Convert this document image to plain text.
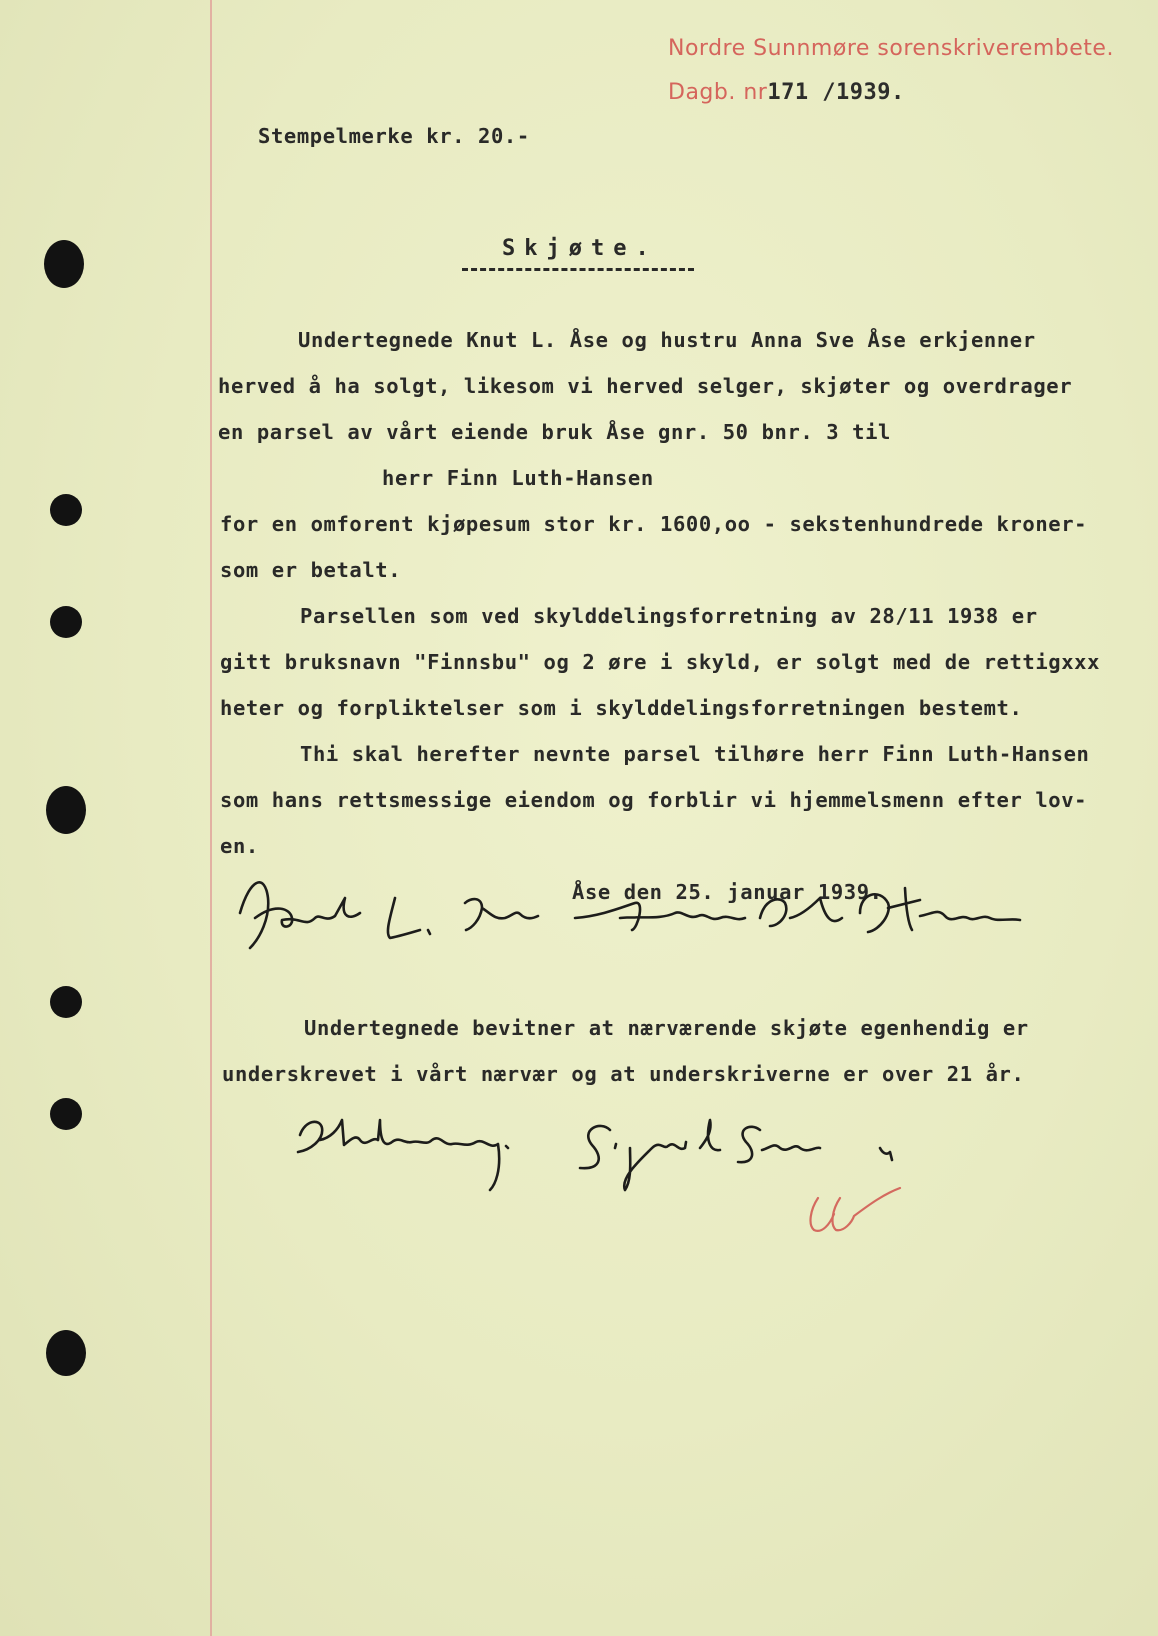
Nordre Sunnmøre sorenskriverembete.
Dagb. nr171 /1939.
Stempelmerke kr. 20.-
Skjøte.
Undertegnede Knut L. Åse og hustru Anna Sve Åse erkjenner
herved å ha solgt, likesom vi herved selger, skjøter og overdrager
en parsel av vårt eiende bruk Åse gnr. 50 bnr. 3 til
herr Finn Luth-Hansen
for en omforent kjøpesum stor kr. 1600,oo - sekstenhundrede kroner-
som er betalt.
Parsellen som ved skylddelingsforretning av 28/11 1938 er
gitt bruksnavn "Finnsbu" og 2 øre i skyld, er solgt med de rettigxxx
heter og forpliktelser som i skylddelingsforretningen bestemt.
Thi skal herefter nevnte parsel tilhøre herr Finn Luth-Hansen
som hans rettsmessige eiendom og forblir vi hjemmelsmenn efter lov-
en.
Åse den 25. januar 1939.
Undertegnede bevitner at nærværende skjøte egenhendig er
underskrevet i vårt nærvær og at underskriverne er over 21 år.
